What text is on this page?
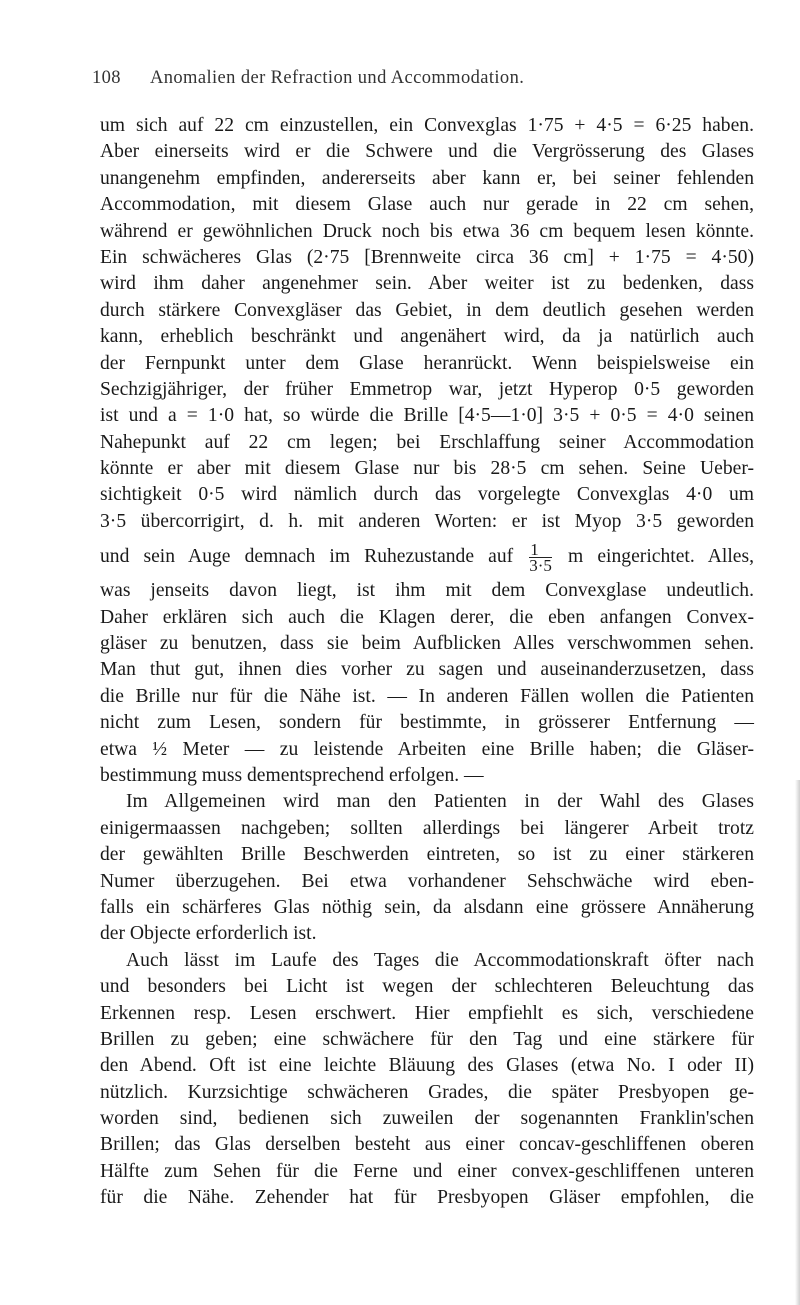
108 Anomalien der Refraction und Accommodation.
um sich auf 22 cm einzustellen, ein Convexglas 1·75 + 4·5 = 6·25 haben.
Aber einerseits wird er die Schwere und die Vergrösserung des Glases
unangenehm empfinden, andererseits aber kann er, bei seiner fehlenden
Accommodation, mit diesem Glase auch nur gerade in 22 cm sehen,
während er gewöhnlichen Druck noch bis etwa 36 cm bequem lesen könnte.
Ein schwächeres Glas (2·75 [Brennweite circa 36 cm] + 1·75 = 4·50)
wird ihm daher angenehmer sein. Aber weiter ist zu bedenken, dass
durch stärkere Convexgläser das Gebiet, in dem deutlich gesehen werden
kann, erheblich beschränkt und angenähert wird, da ja natürlich auch
der Fernpunkt unter dem Glase heranrückt. Wenn beispielsweise ein
Sechzigjähriger, der früher Emmetrop war, jetzt Hyperop 0·5 geworden
ist und a = 1·0 hat, so würde die Brille [4·5—1·0] 3·5 + 0·5 = 4·0 seinen
Nahepunkt auf 22 cm legen; bei Erschlaffung seiner Accommodation
könnte er aber mit diesem Glase nur bis 28·5 cm sehen. Seine Ueber-
sichtigkeit 0·5 wird nämlich durch das vorgelegte Convexglas 4·0 um
3·5 übercorrigirt, d. h. mit anderen Worten: er ist Myop 3·5 geworden
und sein Auge demnach im Ruhezustande auf $\frac{1}{3\cdot 5}$ m eingerichtet. Alles,
was jenseits davon liegt, ist ihm mit dem Convexglase undeutlich.
Daher erklären sich auch die Klagen derer, die eben anfangen Convex-
gläser zu benutzen, dass sie beim Aufblicken Alles verschwommen sehen.
Man thut gut, ihnen dies vorher zu sagen und auseinanderzusetzen, dass
die Brille nur für die Nähe ist. — In anderen Fällen wollen die Patienten
nicht zum Lesen, sondern für bestimmte, in grösserer Entfernung —
etwa ½ Meter — zu leistende Arbeiten eine Brille haben; die Gläser-
bestimmung muss dementsprechend erfolgen. —
Im Allgemeinen wird man den Patienten in der Wahl des Glases
einigermaassen nachgeben; sollten allerdings bei längerer Arbeit trotz
der gewählten Brille Beschwerden eintreten, so ist zu einer stärkeren
Numer überzugehen. Bei etwa vorhandener Sehschwäche wird eben-
falls ein schärferes Glas nöthig sein, da alsdann eine grössere Annäherung
der Objecte erforderlich ist.
Auch lässt im Laufe des Tages die Accommodationskraft öfter nach
und besonders bei Licht ist wegen der schlechteren Beleuchtung das
Erkennen resp. Lesen erschwert. Hier empfiehlt es sich, verschiedene
Brillen zu geben; eine schwächere für den Tag und eine stärkere für
den Abend. Oft ist eine leichte Bläuung des Glases (etwa No. I oder II)
nützlich. Kurzsichtige schwächeren Grades, die später Presbyopen ge-
worden sind, bedienen sich zuweilen der sogenannten Franklin'schen
Brillen; das Glas derselben besteht aus einer concav-geschliffenen oberen
Hälfte zum Sehen für die Ferne und einer convex-geschliffenen unteren
für die Nähe. Zehender hat für Presbyopen Gläser empfohlen, die
